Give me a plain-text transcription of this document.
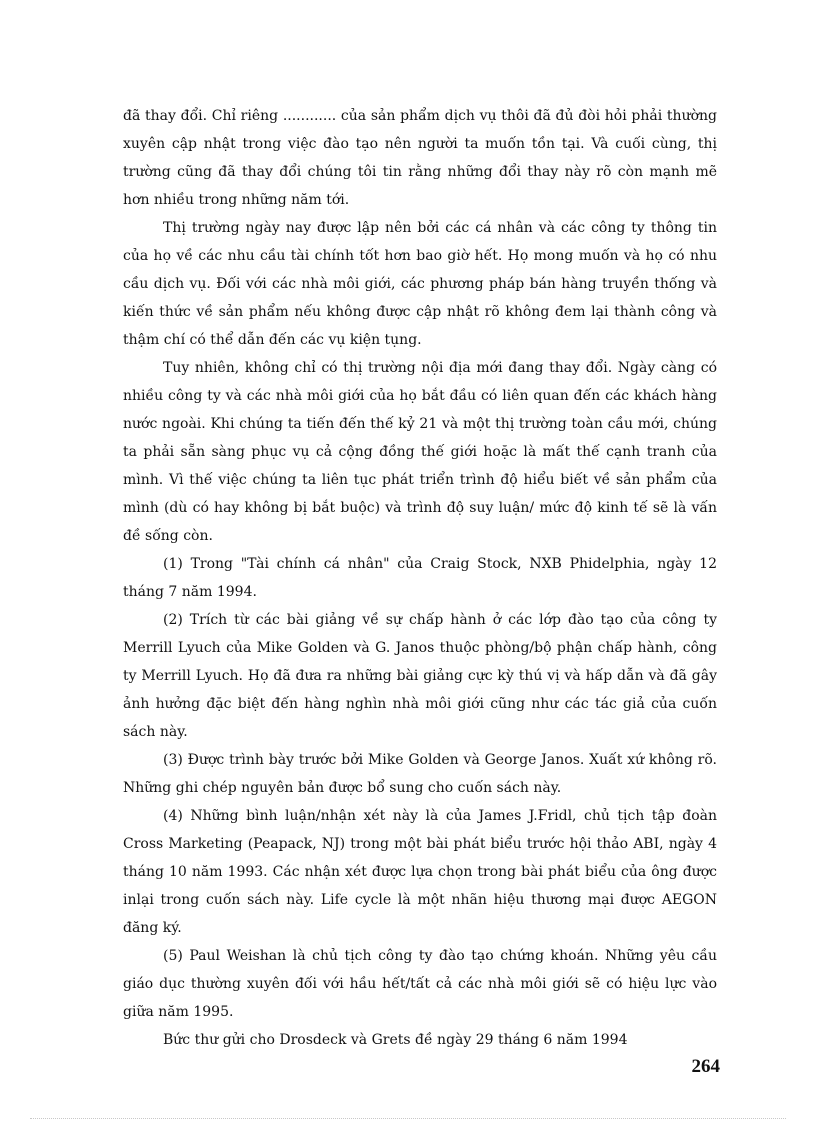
đã thay đổi. Chỉ riêng ............ của sản phẩm dịch vụ thôi đã đủ đòi hỏi phải thường xuyên cập nhật trong việc đào tạo nên người ta muốn tồn tại. Và cuối cùng, thị trường cũng đã thay đổi chúng tôi tin rằng những đổi thay này rõ còn mạnh mẽ hơn nhiều trong những năm tới.

Thị trường ngày nay được lập nên bởi các cá nhân và các công ty thông tin của họ về các nhu cầu tài chính tốt hơn bao giờ hết. Họ mong muốn và họ có nhu cầu dịch vụ. Đối với các nhà môi giới, các phương pháp bán hàng truyền thống và kiến thức về sản phẩm nếu không được cập nhật rõ không đem lại thành công và thậm chí có thể dẫn đến các vụ kiện tụng.

Tuy nhiên, không chỉ có thị trường nội địa mới đang thay đổi. Ngày càng có nhiều công ty và các nhà môi giới của họ bắt đầu có liên quan đến các khách hàng nước ngoài. Khi chúng ta tiến đến thế kỷ 21 và một thị trường toàn cầu mới, chúng ta phải sẵn sàng phục vụ cả cộng đồng thế giới hoặc là mất thế cạnh tranh của mình. Vì thế việc chúng ta liên tục phát triển trình độ hiểu biết về sản phẩm của mình (dù có hay không bị bắt buộc) và trình độ suy luận/ mức độ kinh tế sẽ là vấn đề sống còn.

(1) Trong "Tài chính cá nhân" của Craig Stock, NXB Phidelphia, ngày 12 tháng 7 năm 1994.

(2) Trích từ các bài giảng về sự chấp hành ở các lớp đào tạo của công ty Merrill Lyuch của Mike Golden và G. Janos thuộc phòng/bộ phận chấp hành, công ty Merrill Lyuch. Họ đã đưa ra những bài giảng cực kỳ thú vị và hấp dẫn và đã gây ảnh hưởng đặc biệt đến hàng nghìn nhà môi giới cũng như các tác giả của cuốn sách này.

(3) Được trình bày trước bởi Mike Golden và George Janos. Xuất xứ không rõ. Những ghi chép nguyên bản được bổ sung cho cuốn sách này.

(4) Những bình luận/nhận xét này là của James J.Fridl, chủ tịch tập đoàn Cross Marketing (Peapack, NJ) trong một bài phát biểu trước hội thảo ABI, ngày 4 tháng 10 năm 1993. Các nhận xét được lựa chọn trong bài phát biểu của ông được inlại trong cuốn sách này. Life cycle là một nhãn hiệu thương mại được AEGON đăng ký.

(5) Paul Weishan là chủ tịch công ty đào tạo chứng khoán. Những yêu cầu giáo dục thường xuyên đối với hầu hết/tất cả các nhà môi giới sẽ có hiệu lực vào giữa năm 1995.

Bức thư gửi cho Drosdeck và Grets đề ngày 29 tháng 6 năm 1994

264
